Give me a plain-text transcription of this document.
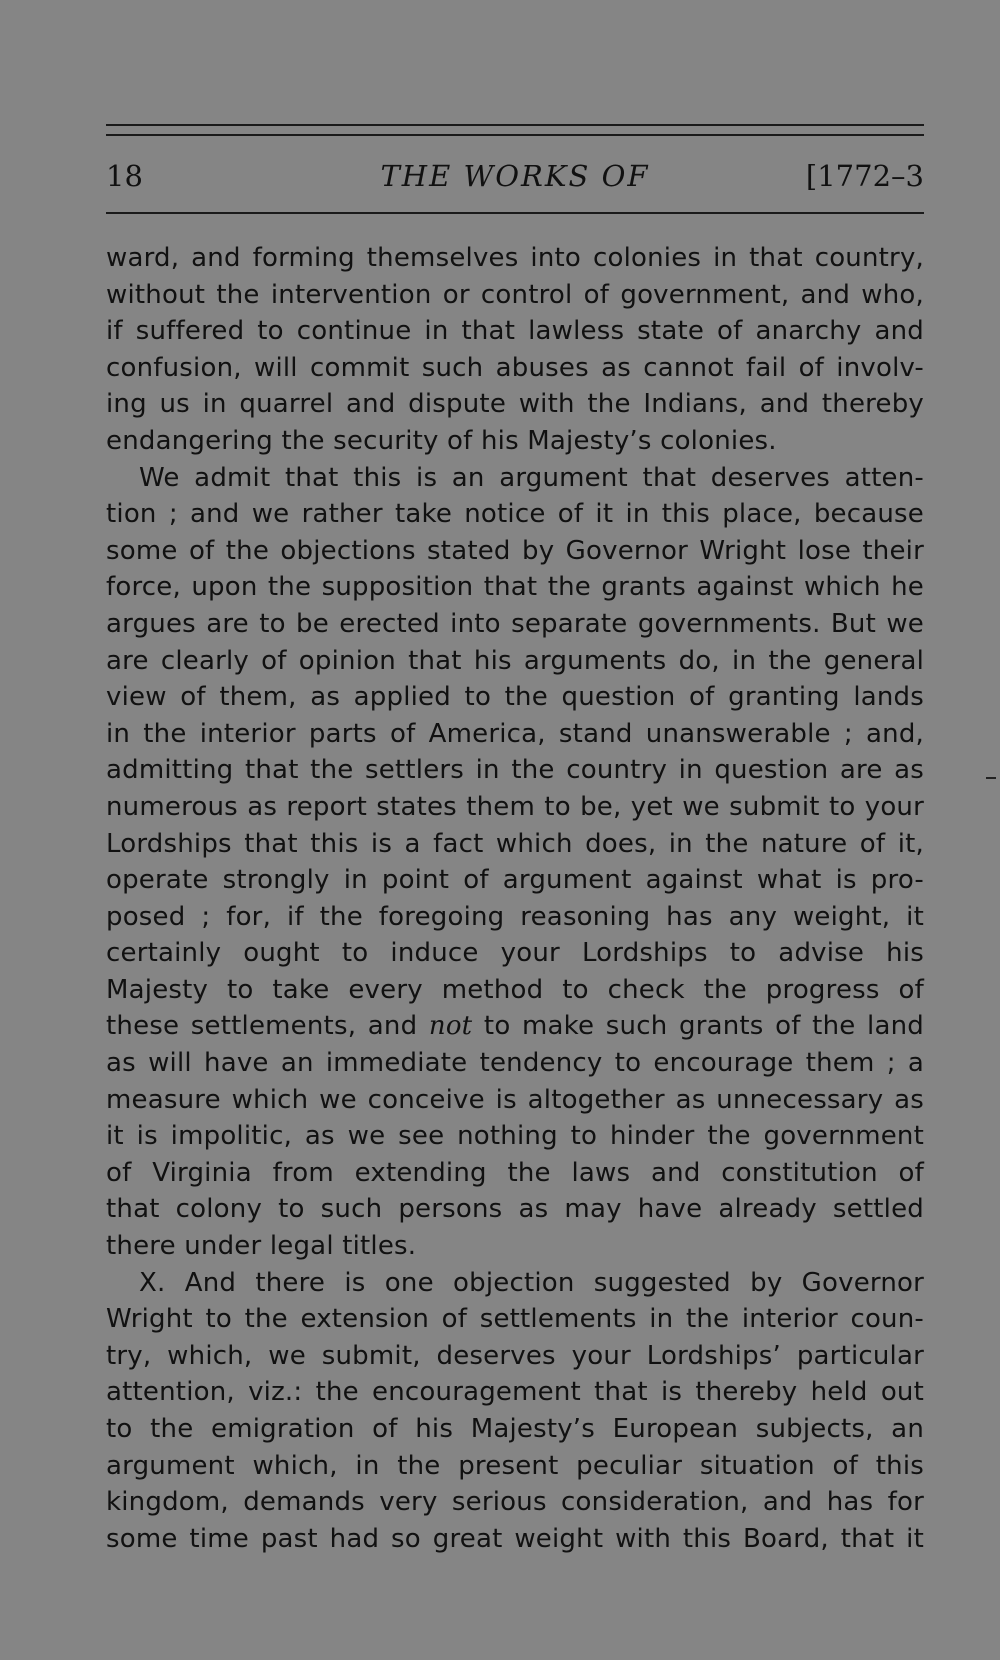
18	THE WORKS OF	[1772–3
ward, and forming themselves into colonies in that country,
without the intervention or control of government, and who,
if suffered to continue in that lawless state of anarchy and
confusion, will commit such abuses as cannot fail of involv-
ing us in quarrel and dispute with the Indians, and thereby
endangering the security of his Majesty’s colonies.
We admit that this is an argument that deserves atten-
tion ; and we rather take notice of it in this place, because
some of the objections stated by Governor Wright lose their
force, upon the supposition that the grants against which he
argues are to be erected into separate governments. But we
are clearly of opinion that his arguments do, in the general
view of them, as applied to the question of granting lands
in the interior parts of America, stand unanswerable ; and,
admitting that the settlers in the country in question are as
numerous as report states them to be, yet we submit to your
Lordships that this is a fact which does, in the nature of it,
operate strongly in point of argument against what is pro-
posed ; for, if the foregoing reasoning has any weight, it
certainly ought to induce your Lordships to advise his
Majesty to take every method to check the progress of
these settlements, and not to make such grants of the land
as will have an immediate tendency to encourage them ; a
measure which we conceive is altogether as unnecessary as
it is impolitic, as we see nothing to hinder the government
of Virginia from extending the laws and constitution of
that colony to such persons as may have already settled
there under legal titles.
X. And there is one objection suggested by Governor
Wright to the extension of settlements in the interior coun-
try, which, we submit, deserves your Lordships’ particular
attention, viz.: the encouragement that is thereby held out
to the emigration of his Majesty’s European subjects, an
argument which, in the present peculiar situation of this
kingdom, demands very serious consideration, and has for
some time past had so great weight with this Board, that it
